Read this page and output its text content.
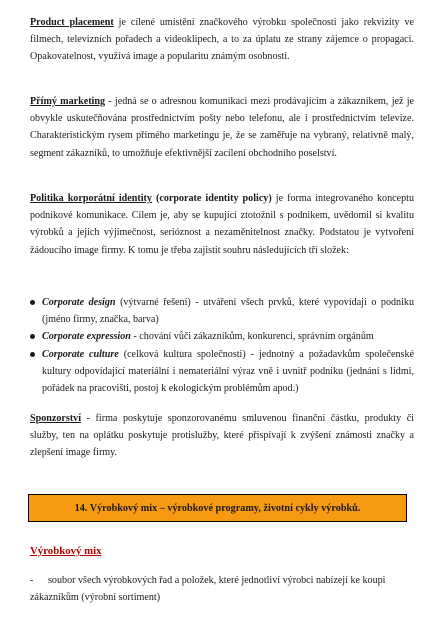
Product placement je cílené umístění značkového výrobku společnosti jako rekvizity ve filmech, televizních pořadech a videoklipech, a to za úplatu ze strany zájemce o propagaci. Opakovatelnost, využívá image a popularitu známým osobností.

Přímý marketing - jedná se o adresnou komunikaci mezi prodávajícím a zákazníkem, jež je obvykle uskutečňována prostřednictvím pošty nebo telefonu, ale i prostřednictvím televize. Charakteristickým rysem přímého marketingu je, že se zaměřuje na vybraný, relativně malý, segment zákazníků, to umožňuje efektivnější zacílení obchodního poselství.

Politika korporátní identity (corporate identity policy) je forma integrovaného konceptu podnikové komunikace. Cílem je, aby se kupující ztotožnil s podnikem, uvědomil si kvalitu výrobků a jejich výjimečnost, serióznost a nezaměnitelnost značky. Podstatou je vytvoření žádoucího image firmy. K tomu je třeba zajistit souhru následujících tří složek:

Corporate design (výtvarné řešení) - utváření všech prvků, které vypovídají o podniku (jméno firmy, značka, barva)
Corporate expression - chování vůči zákazníkům, konkurenci, správním orgánům
Corporate culture (celková kultura společnosti) - jednotný a požadavkům společenské kultury odpovídající materiální i nemateriální výraz vně i uvnitř podniku (jednání s lidmi, pořádek na pracovišti, postoj k ekologickým problémům apod.)

Sponzorství - firma poskytuje sponzorovanému smluvenou finanční částku, produkty či služby, ten na oplátku poskytuje protislužby, které přispívají k zvýšení známosti značky a zlepšení image firmy.

14. Výrobkový mix – výrobkové programy, životní cykly výrobků.
Výrobkový mix
- soubor všech výrobkových řad a položek, které jednotliví výrobci nabízejí ke koupi zákazníkům (výrobní sortiment)
